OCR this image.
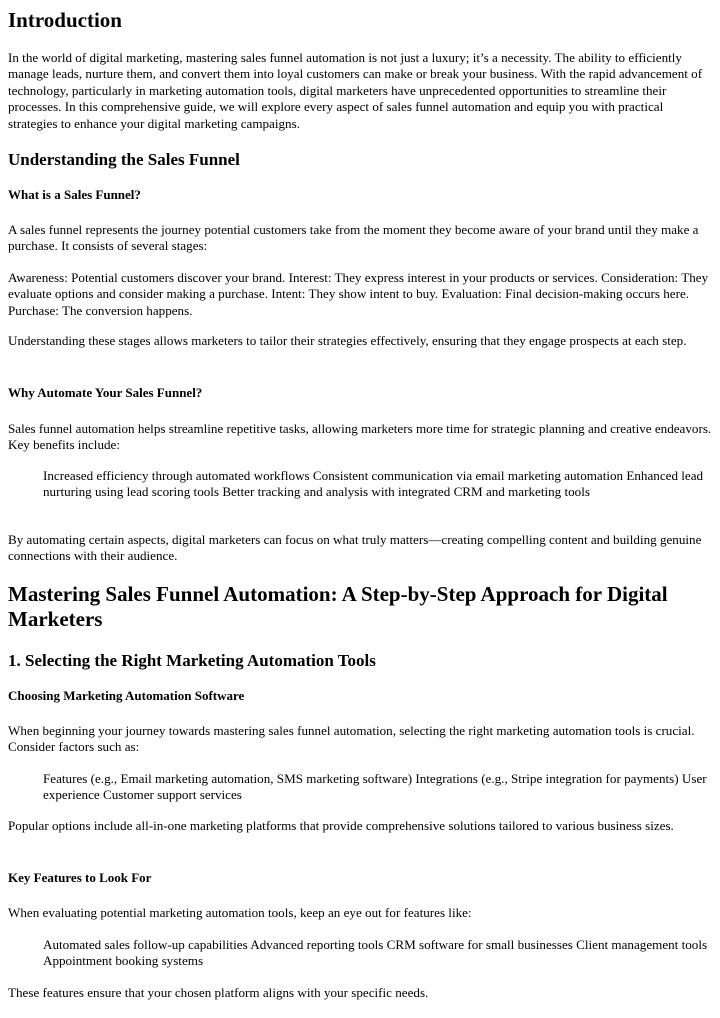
Introduction

In the world of digital marketing, mastering sales funnel automation is not just a luxury; it’s a necessity. The ability to efficiently manage leads, nurture them, and convert them into loyal customers can make or break your business. With the rapid advancement of technology, particularly in marketing automation tools, digital marketers have unprecedented opportunities to streamline their processes. In this comprehensive guide, we will explore every aspect of sales funnel automation and equip you with practical strategies to enhance your digital marketing campaigns.

Understanding the Sales Funnel
What is a Sales Funnel?

A sales funnel represents the journey potential customers take from the moment they become aware of your brand until they make a purchase. It consists of several stages:

Awareness: Potential customers discover your brand. Interest: They express interest in your products or services. Consideration: They evaluate options and consider making a purchase. Intent: They show intent to buy. Evaluation: Final decision-making occurs here. Purchase: The conversion happens.

Understanding these stages allows marketers to tailor their strategies effectively, ensuring that they engage prospects at each step.

Why Automate Your Sales Funnel?

Sales funnel automation helps streamline repetitive tasks, allowing marketers more time for strategic planning and creative endeavors. Key benefits include:

Increased efficiency through automated workflows Consistent communication via email marketing automation Enhanced lead nurturing using lead scoring tools Better tracking and analysis with integrated CRM and marketing tools

By automating certain aspects, digital marketers can focus on what truly matters—creating compelling content and building genuine connections with their audience.

Mastering Sales Funnel Automation: A Step-by-Step Approach for Digital Marketers
1. Selecting the Right Marketing Automation Tools
Choosing Marketing Automation Software

When beginning your journey towards mastering sales funnel automation, selecting the right marketing automation tools is crucial. Consider factors such as:

Features (e.g., Email marketing automation, SMS marketing software) Integrations (e.g., Stripe integration for payments) User experience Customer support services

Popular options include all-in-one marketing platforms that provide comprehensive solutions tailored to various business sizes.

Key Features to Look For

When evaluating potential marketing automation tools, keep an eye out for features like:

Automated sales follow-up capabilities Advanced reporting tools CRM software for small businesses Client management tools Appointment booking systems

These features ensure that your chosen platform aligns with your specific needs.
